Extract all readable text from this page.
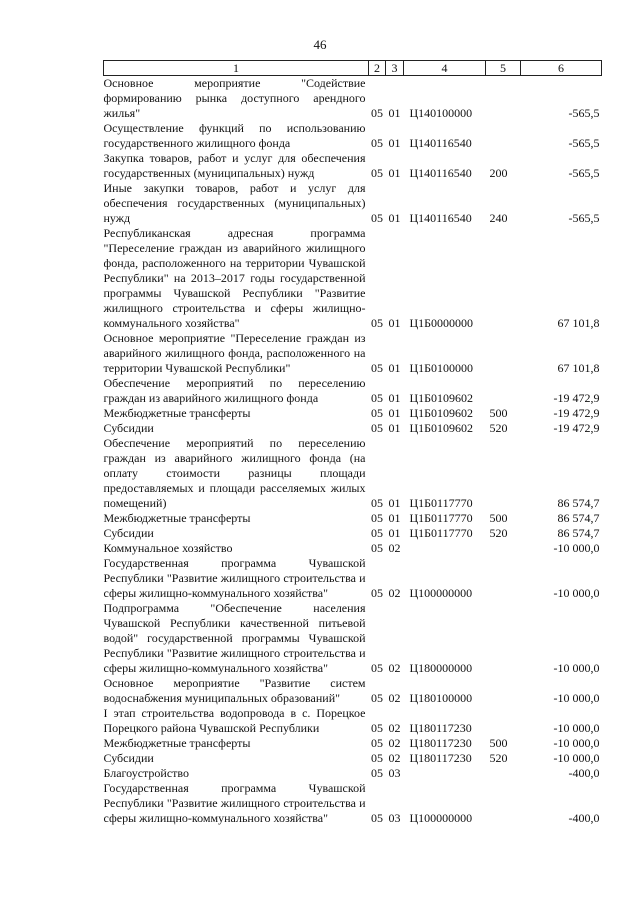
46
1	2	3	4	5	6
Основное мероприятие "Содействие формированию рынка доступного арендного жилья"	05	01	Ц140100000		-565,5
Осуществление функций по использованию государственного жилищного фонда	05	01	Ц140116540		-565,5
Закупка товаров, работ и услуг для обеспечения государственных (муниципальных) нужд	05	01	Ц140116540	200	-565,5
Иные закупки товаров, работ и услуг для обеспечения государственных (муниципальных) нужд	05	01	Ц140116540	240	-565,5
Республиканская адресная программа "Переселение граждан из аварийного жилищного фонда, расположенного на территории Чувашской Республики" на 2013–2017 годы государственной программы Чувашской Республики "Развитие жилищного строительства и сферы жилищно-коммунального хозяйства"	05	01	Ц1Б0000000		67 101,8
Основное мероприятие "Переселение граждан из аварийного жилищного фонда, расположенного на территории Чувашской Республики"	05	01	Ц1Б0100000		67 101,8
Обеспечение мероприятий по переселению граждан из аварийного жилищного фонда	05	01	Ц1Б0109602		-19 472,9
Межбюджетные трансферты	05	01	Ц1Б0109602	500	-19 472,9
Субсидии	05	01	Ц1Б0109602	520	-19 472,9
Обеспечение мероприятий по переселению граждан из аварийного жилищного фонда (на оплату стоимости разницы площади предоставляемых и площади расселяемых жилых помещений)	05	01	Ц1Б0117770		86 574,7
Межбюджетные трансферты	05	01	Ц1Б0117770	500	86 574,7
Субсидии	05	01	Ц1Б0117770	520	86 574,7
Коммунальное хозяйство	05	02			-10 000,0
Государственная программа Чувашской Республики "Развитие жилищного строительства и сферы жилищно-коммунального хозяйства"	05	02	Ц100000000		-10 000,0
Подпрограмма "Обеспечение населения Чувашской Республики качественной питьевой водой" государственной программы Чувашской Республики "Развитие жилищного строительства и сферы жилищно-коммунального хозяйства"	05	02	Ц180000000		-10 000,0
Основное мероприятие "Развитие систем водоснабжения муниципальных образований"	05	02	Ц180100000		-10 000,0
I этап строительства водопровода в с. Порецкое Порецкого района Чувашской Республики	05	02	Ц180117230		-10 000,0
Межбюджетные трансферты	05	02	Ц180117230	500	-10 000,0
Субсидии	05	02	Ц180117230	520	-10 000,0
Благоустройство	05	03			-400,0
Государственная программа Чувашской Республики "Развитие жилищного строительства и сферы жилищно-коммунального хозяйства"	05	03	Ц100000000		-400,0
